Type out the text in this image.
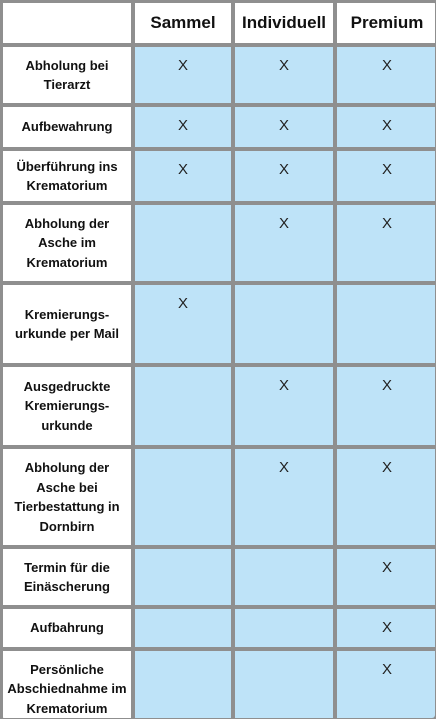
	Sammel	Individuell	Premium
Abholung bei Tierarzt	X	X	X
Aufbewahrung	X	X	X
Überführung ins Krematorium	X	X	X
Abholung der Asche im Krematorium		X	X
Kremierungs-urkunde per Mail	X		
Ausgedruckte Kremierungs-urkunde		X	X
Abholung der Asche bei Tierbestattung in Dornbirn		X	X
Termin für die Einäscherung			X
Aufbahrung			X
Persönliche Abschiednahme im Krematorium			X
